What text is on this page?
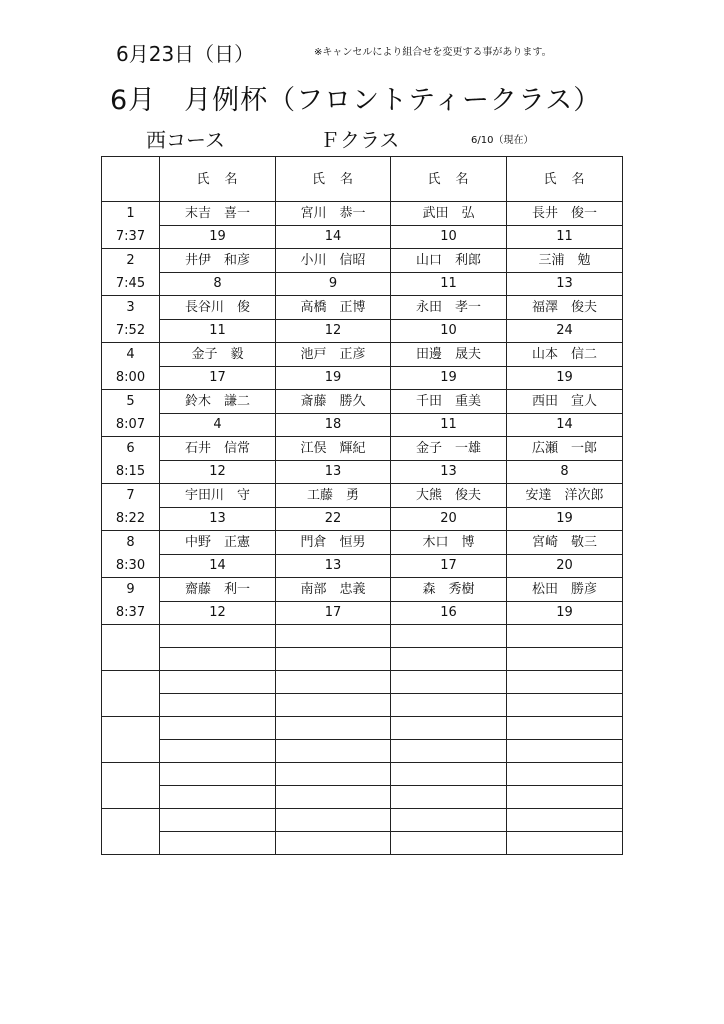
6月23日（日）	※キャンセルにより組合せを変更する事があります。
6月　月例杯（フロントティークラス）
西コース	Ｆクラス	6/10（現在）
	氏　名	氏　名	氏　名	氏　名

1
7:37	末吉　喜一	宮川　恭一	武田　弘	長井　俊一
	19	14	10	11

2
7:45	井伊　和彦	小川　信昭	山口　利郎	三浦　勉
	8	9	11	13

3
7:52	長谷川　俊	高橋　正博	永田　孝一	福澤　俊夫
	11	12	10	24

4
8:00	金子　毅	池戸　正彦	田邊　晟夫	山本　信二
	17	19	19	19

5
8:07	鈴木　謙二	斎藤　勝久	千田　重美	西田　宣人
	4	18	11	14

6
8:15	石井　信常	江俣　輝紀	金子　一雄	広瀬　一郎
	12	13	13	8

7
8:22	宇田川　守	工藤　勇	大熊　俊夫	安達　洋次郎
	13	22	20	19

8
8:30	中野　正憲	門倉　恒男	木口　博	宮崎　敬三
	14	13	17	20

9
8:37	齋藤　利一	南部　忠義	森　秀樹	松田　勝彦
	12	17	16	19
